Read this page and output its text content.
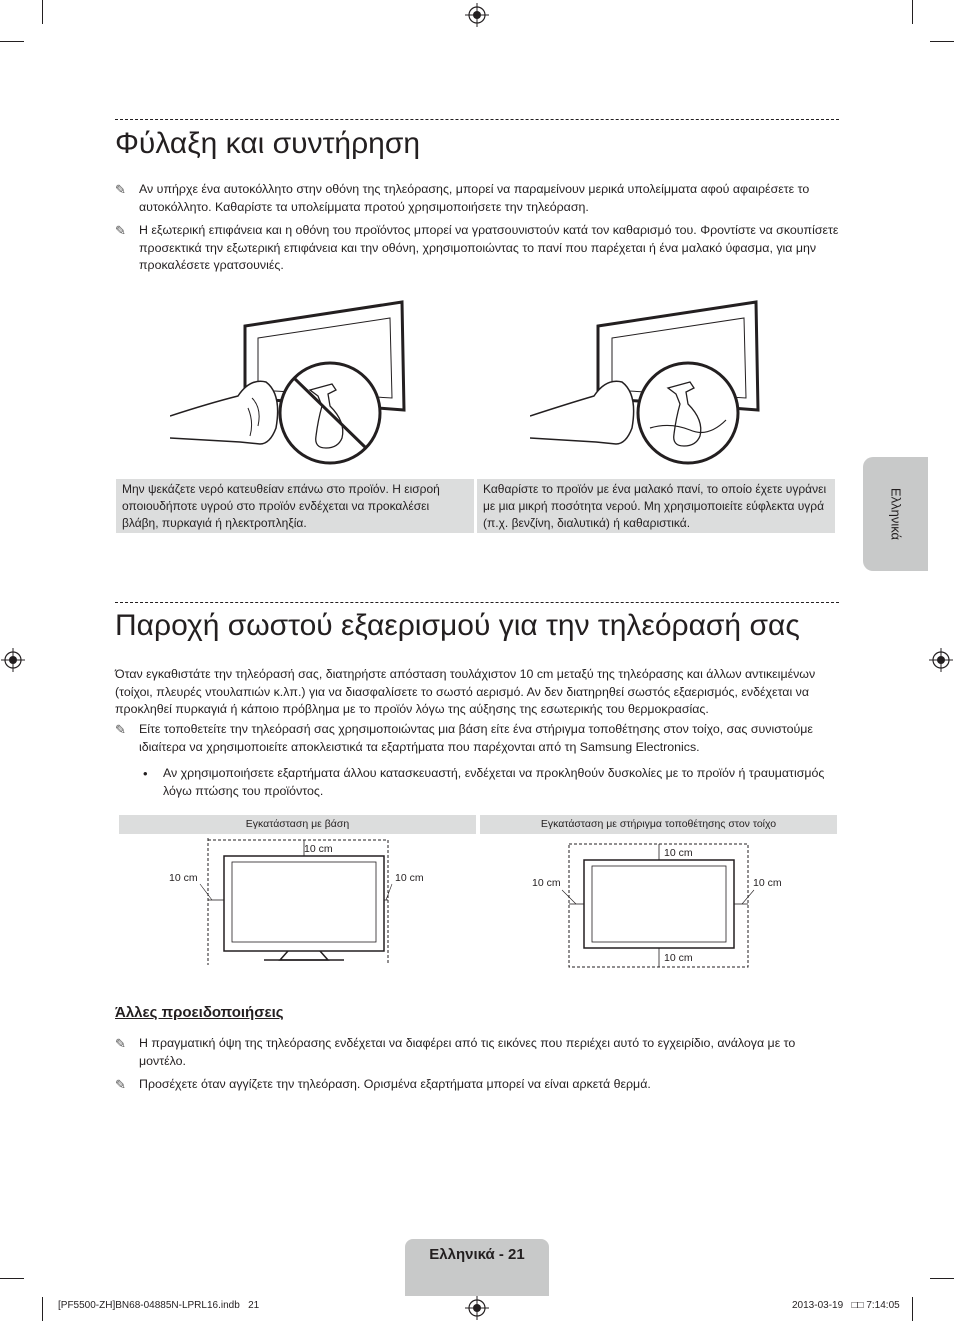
Φύλαξη και συντήρηση
✎ Αν υπήρχε ένα αυτοκόλλητο στην οθόνη της τηλεόρασης, μπορεί να παραμείνουν μερικά υπολείμματα αφού αφαιρέσετε το αυτοκόλλητο. Καθαρίστε τα υπολείμματα προτού χρησιμοποιήσετε την τηλεόραση.
✎ Η εξωτερική επιφάνεια και η οθόνη του προϊόντος μπορεί να γρατσουνιστούν κατά τον καθαρισμό του. Φροντίστε να σκουπίσετε προσεκτικά την εξωτερική επιφάνεια και την οθόνη, χρησιμοποιώντας το πανί που παρέχεται ή ένα μαλακό ύφασμα, για μην προκαλέσετε γρατσουνιές.
Μην ψεκάζετε νερό κατευθείαν επάνω στο προϊόν. Η εισροή οποιουδήποτε υγρού στο προϊόν ενδέχεται να προκαλέσει βλάβη, πυρκαγιά ή ηλεκτροπληξία.
Καθαρίστε το προϊόν με ένα μαλακό πανί, το οποίο έχετε υγράνει με μια μικρή ποσότητα νερού. Μη χρησιμοποιείτε εύφλεκτα υγρά (π.χ. βενζίνη, διαλυτικά) ή καθαριστικά.
Παροχή σωστού εξαερισμού για την τηλεόρασή σας
Όταν εγκαθιστάτε την τηλεόρασή σας, διατηρήστε απόσταση τουλάχιστον 10 cm μεταξύ της τηλεόρασης και άλλων αντικειμένων (τοίχοι, πλευρές ντουλαπιών κ.λπ.) για να διασφαλίσετε το σωστό αερισμό. Αν δεν διατηρηθεί σωστός εξαερισμός, ενδέχεται να προκληθεί πυρκαγιά ή κάποιο πρόβλημα με το προϊόν λόγω της αύξησης της εσωτερικής του θερμοκρασίας.
✎ Είτε τοποθετείτε την τηλεόρασή σας χρησιμοποιώντας μια βάση είτε ένα στήριγμα τοποθέτησης στον τοίχο, σας συνιστούμε ιδιαίτερα να χρησιμοποιείτε αποκλειστικά τα εξαρτήματα που παρέχονται από τη Samsung Electronics.
• Αν χρησιμοποιήσετε εξαρτήματα άλλου κατασκευαστή, ενδέχεται να προκληθούν δυσκολίες με το προϊόν ή τραυματισμός λόγω πτώσης του προϊόντος.
Εγκατάσταση με βάση	Εγκατάσταση με στήριγμα τοποθέτησης στον τοίχο
10 cm
10 cm	10 cm
10 cm
10 cm	10 cm
10 cm
Άλλες προειδοποιήσεις
✎ Η πραγματική όψη της τηλεόρασης ενδέχεται να διαφέρει από τις εικόνες που περιέχει αυτό το εγχειρίδιο, ανάλογα με το μοντέλο.
✎ Προσέχετε όταν αγγίζετε την τηλεόραση. Ορισμένα εξαρτήματα μπορεί να είναι αρκετά θερμά.
Ελληνικά
Ελληνικά - 21
[PF5500-ZH]BN68-04885N-LPRL16.indb   21	2013-03-19   □□ 7:14:05
